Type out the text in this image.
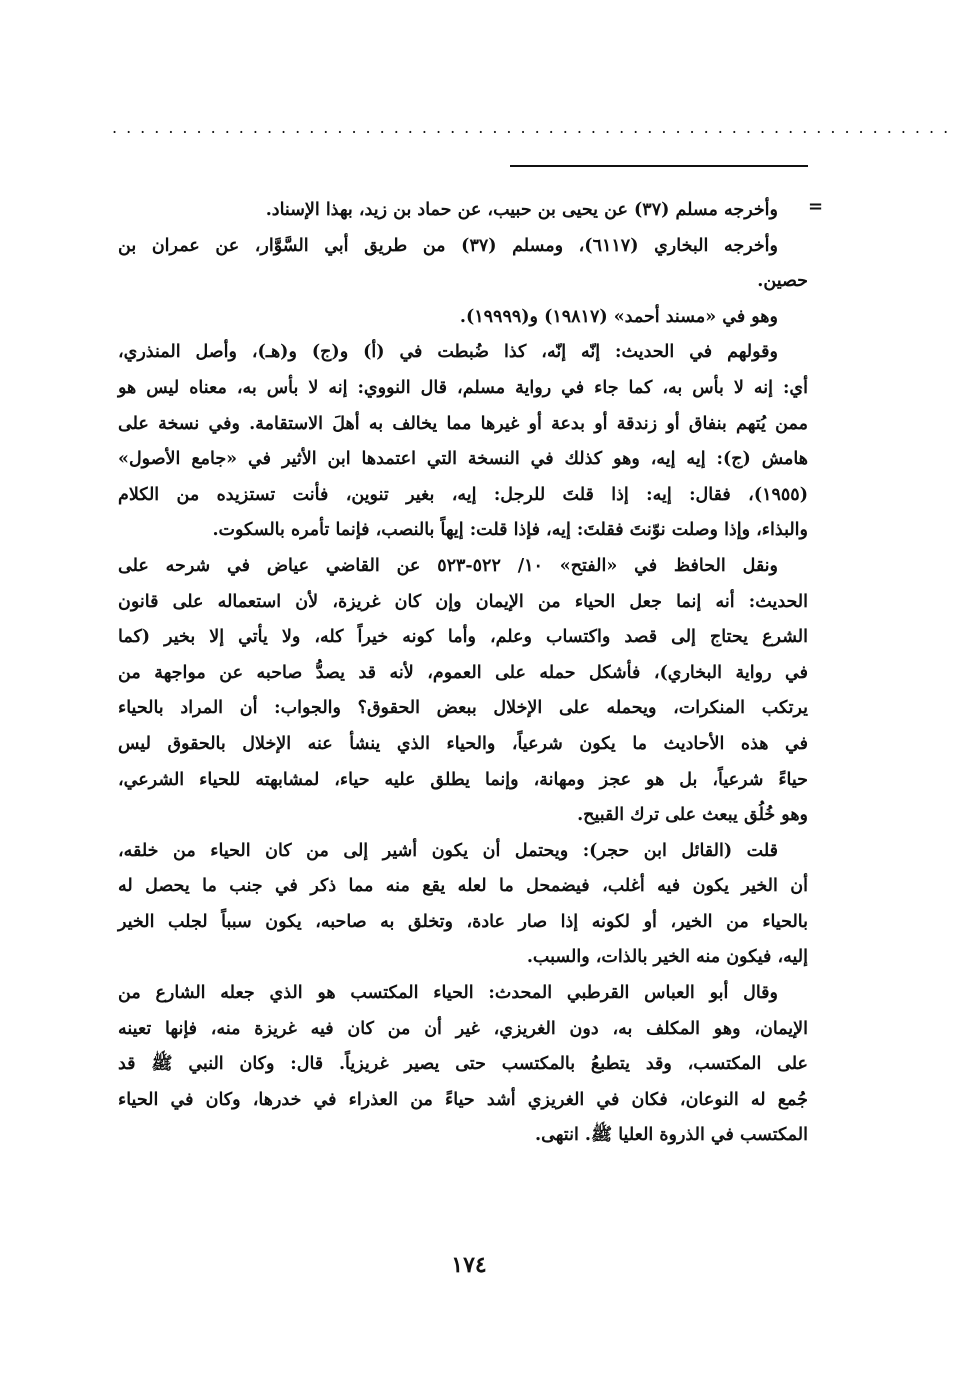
............................................................
=
وأخرجه مسلم (٣٧) عن يحيى بن حبيب، عن حماد بن زيد، بهذا الإسناد.
وأخرجه البخاري (٦١١٧)، ومسلم (٣٧) من طريق أبي السَّوَّار، عن عمران بن
حصين.
وهو في «مسند أحمد» (١٩٨١٧) و(١٩٩٩٩).
وقولهم في الحديث: إنّه إنّه، كذا ضُبطت في (أ) و(ج) و(هـ)، وأصل المنذري،
أي: إنه لا بأس به، كما جاء في رواية مسلم، قال النووي: إنه لا بأس به، معناه ليس هو
ممن يُتهم بنفاق أو زندقة أو بدعة أو غيرها مما يخالف به أهلَ الاستقامة. وفي نسخة على
هامش (ج): إيه إيه، وهو كذلك في النسخة التي اعتمدها ابن الأثير في «جامع الأصول»
(١٩٥٥)، فقال: إيه: إذا قلتَ للرجل: إيه، بغير تنوين، فأنت تستزيده من الكلام
والبذاء، وإذا وصلت نوّنتَ فقلتَ: إيه، فإذا قلت: إيهاً بالنصب، فإنما تأمره بالسكوت.
ونقل الحافظ في «الفتح» ١٠/ ٥٢٢-٥٢٣ عن القاضي عياض في شرحه على
الحديث: أنه إنما جعل الحياء من الإيمان وإن كان غريزة، لأن استعماله على قانون
الشرع يحتاج إلى قصد واكتساب وعلم، وأما كونه خيراً كله، ولا يأتي إلا بخير (كما
في رواية البخاري)، فأشكل حمله على العموم، لأنه قد يصدُّ صاحبه عن مواجهة من
يرتكب المنكرات، ويحمله على الإخلال ببعض الحقوق؟ والجواب: أن المراد بالحياء
في هذه الأحاديث ما يكون شرعياً، والحياء الذي ينشأ عنه الإخلال بالحقوق ليس
حياءً شرعياً، بل هو عجز ومهانة، وإنما يطلق عليه حياء، لمشابهته للحياء الشرعي،
وهو خُلُق يبعث على ترك القبيح.
قلت (القائل ابن حجر): ويحتمل أن يكون أشير إلى من كان الحياء من خلقه،
أن الخير يكون فيه أغلب، فيضمحل ما لعله يقع منه مما ذكر في جنب ما يحصل له
بالحياء من الخير، أو لكونه إذا صار عادة، وتخلق به صاحبه، يكون سبباً لجلب الخير
إليه، فيكون منه الخير بالذات، والسبب.
وقال أبو العباس القرطبي المحدث: الحياء المكتسب هو الذي جعله الشارع من
الإيمان، وهو المكلف به، دون الغريزي، غير أن من كان فيه غريزة منه، فإنها تعينه
على المكتسب، وقد يتطبعُ بالمكتسب حتى يصير غريزياً. قال: وكان النبي ﷺ قد
جُمع له النوعان، فكان في الغريزي أشد حياءً من العذراء في خدرها، وكان في الحياء
المكتسب في الذروة العليا ﷺ. انتهى.
١٧٤
